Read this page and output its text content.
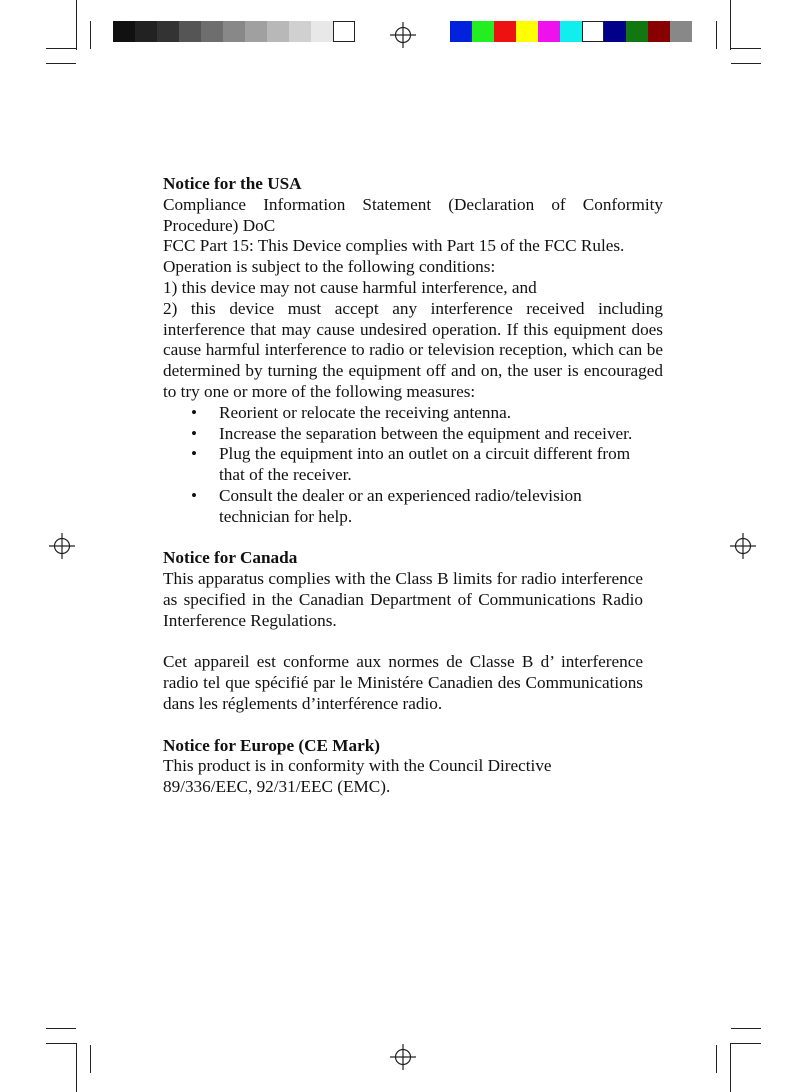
Notice for the USA

Compliance Information Statement (Declaration of Conformity Procedure) DoC

FCC Part 15: This Device complies with Part 15 of the FCC Rules.

Operation is subject to the following conditions:

1) this device may not cause harmful interference, and

2) this device must accept any interference received including interference that may cause undesired operation. If this equipment does cause harmful interference to radio or television reception, which can be determined by turning the equipment off and on, the user is encouraged to try one or more of the following measures:

• Reorient or relocate the receiving antenna.
• Increase the separation between the equipment and receiver.
• Plug the equipment into an outlet on a circuit different from that of the receiver.
• Consult the dealer or an experienced radio/television technician for help.

Notice for Canada

This apparatus complies with the Class B limits for radio interference as specified in the Canadian Department of Communications Radio Interference Regulations.

Cet appareil est conforme aux normes de Classe B d’ interference radio tel que spécifié par le Ministére Canadien des Communications dans les réglements d’interférence radio.

Notice for Europe (CE Mark)

This product is in conformity with the Council Directive 89/336/EEC, 92/31/EEC (EMC).
